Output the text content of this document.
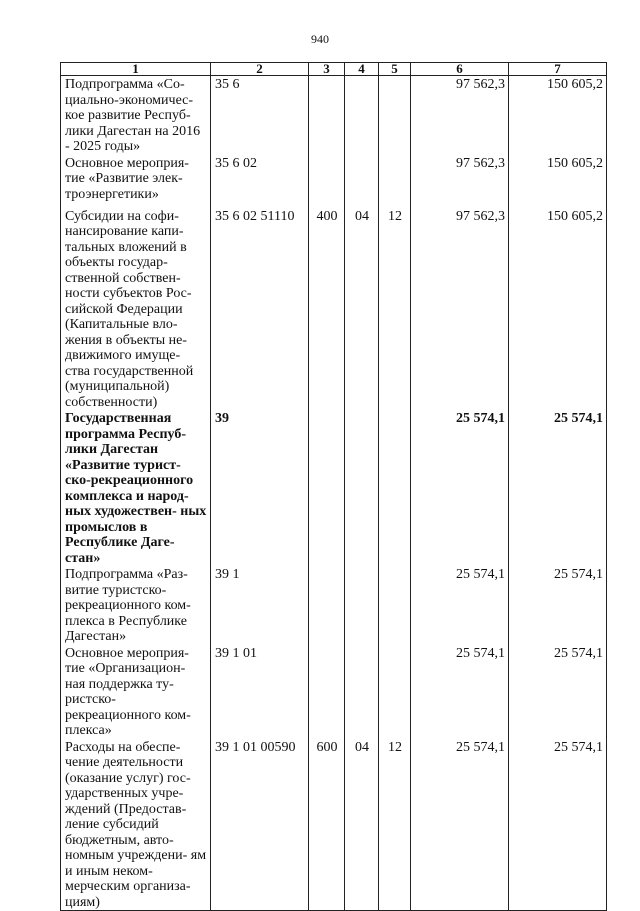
940
1	2	3	4	5	6	7
Подпрограмма «Со- циально-экономичес- кое развитие Респуб- лики Дагестан на 2016 - 2025 годы»	35 6				97 562,3	150 605,2
Основное мероприя- тие «Развитие элек- троэнергетики»	35 6 02				97 562,3	150 605,2
Субсидии на софи- нансирование капи- тальных вложений в объекты государ- ственной собствен- ности субъектов Рос- сийской Федерации (Капитальные вло- жения в объекты не- движимого имуще- ства государственной (муниципальной) собственности)	35 6 02 51110	400	04	12	97 562,3	150 605,2
Государственная программа Респуб- лики Дагестан «Развитие турист- ско-рекреационного комплекса и народ- ных художествен- ных промыслов в Республике Даге- стан»	39				25 574,1	25 574,1
Подпрограмма «Раз- витие туристско- рекреационного ком- плекса в Республике Дагестан»	39 1				25 574,1	25 574,1
Основное мероприя- тие «Организацион- ная поддержка ту- ристско- рекреационного ком- плекса»	39 1 01				25 574,1	25 574,1
Расходы на обеспе- чение деятельности (оказание услуг) гос- ударственных учре- ждений (Предостав- ление субсидий бюджетным, авто- номным учреждени- ям и иным неком- мерческим организа- циям)	39 1 01 00590	600	04	12	25 574,1	25 574,1
